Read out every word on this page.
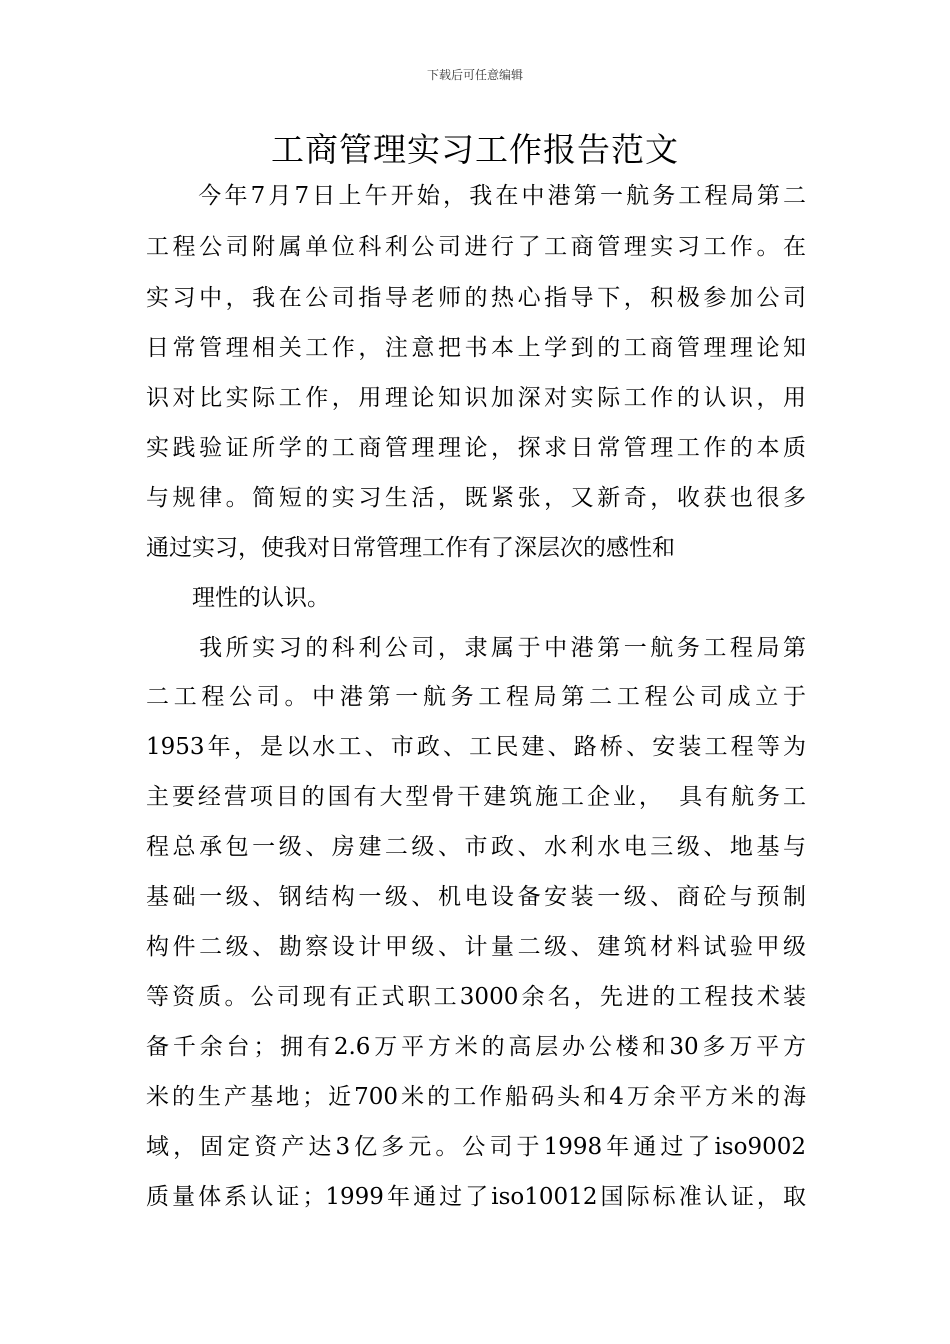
下载后可任意编辑
工商管理实习工作报告范文
　　今年7月7日上午开始，我在中港第一航务工程局第二
工程公司附属单位科利公司进行了工商管理实习工作。在
实习中，我在公司指导老师的热心指导下，积极参加公司
日常管理相关工作，注意把书本上学到的工商管理理论知
识对比实际工作，用理论知识加深对实际工作的认识，用
实践验证所学的工商管理理论，探求日常管理工作的本质
与规律。简短的实习生活，既紧张，又新奇，收获也很多
通过实习，使我对日常管理工作有了深层次的感性和
　　理性的认识。
　　我所实习的科利公司，隶属于中港第一航务工程局第
二工程公司。中港第一航务工程局第二工程公司成立于
1953年，是以水工、市政、工民建、路桥、安装工程等为
主要经营项目的国有大型骨干建筑施工企业，　具有航务工
程总承包一级、房建二级、市政、水利水电三级、地基与
基础一级、钢结构一级、机电设备安装一级、商砼与预制
构件二级、勘察设计甲级、计量二级、建筑材料试验甲级
等资质。公司现有正式职工3000余名，先进的工程技术装
备千余台；拥有2.6万平方米的高层办公楼和30多万平方
米的生产基地；近700米的工作船码头和4万余平方米的海
域，固定资产达3亿多元。公司于1998年通过了iso9002
质量体系认证；1999年通过了iso10012国际标准认证，取
